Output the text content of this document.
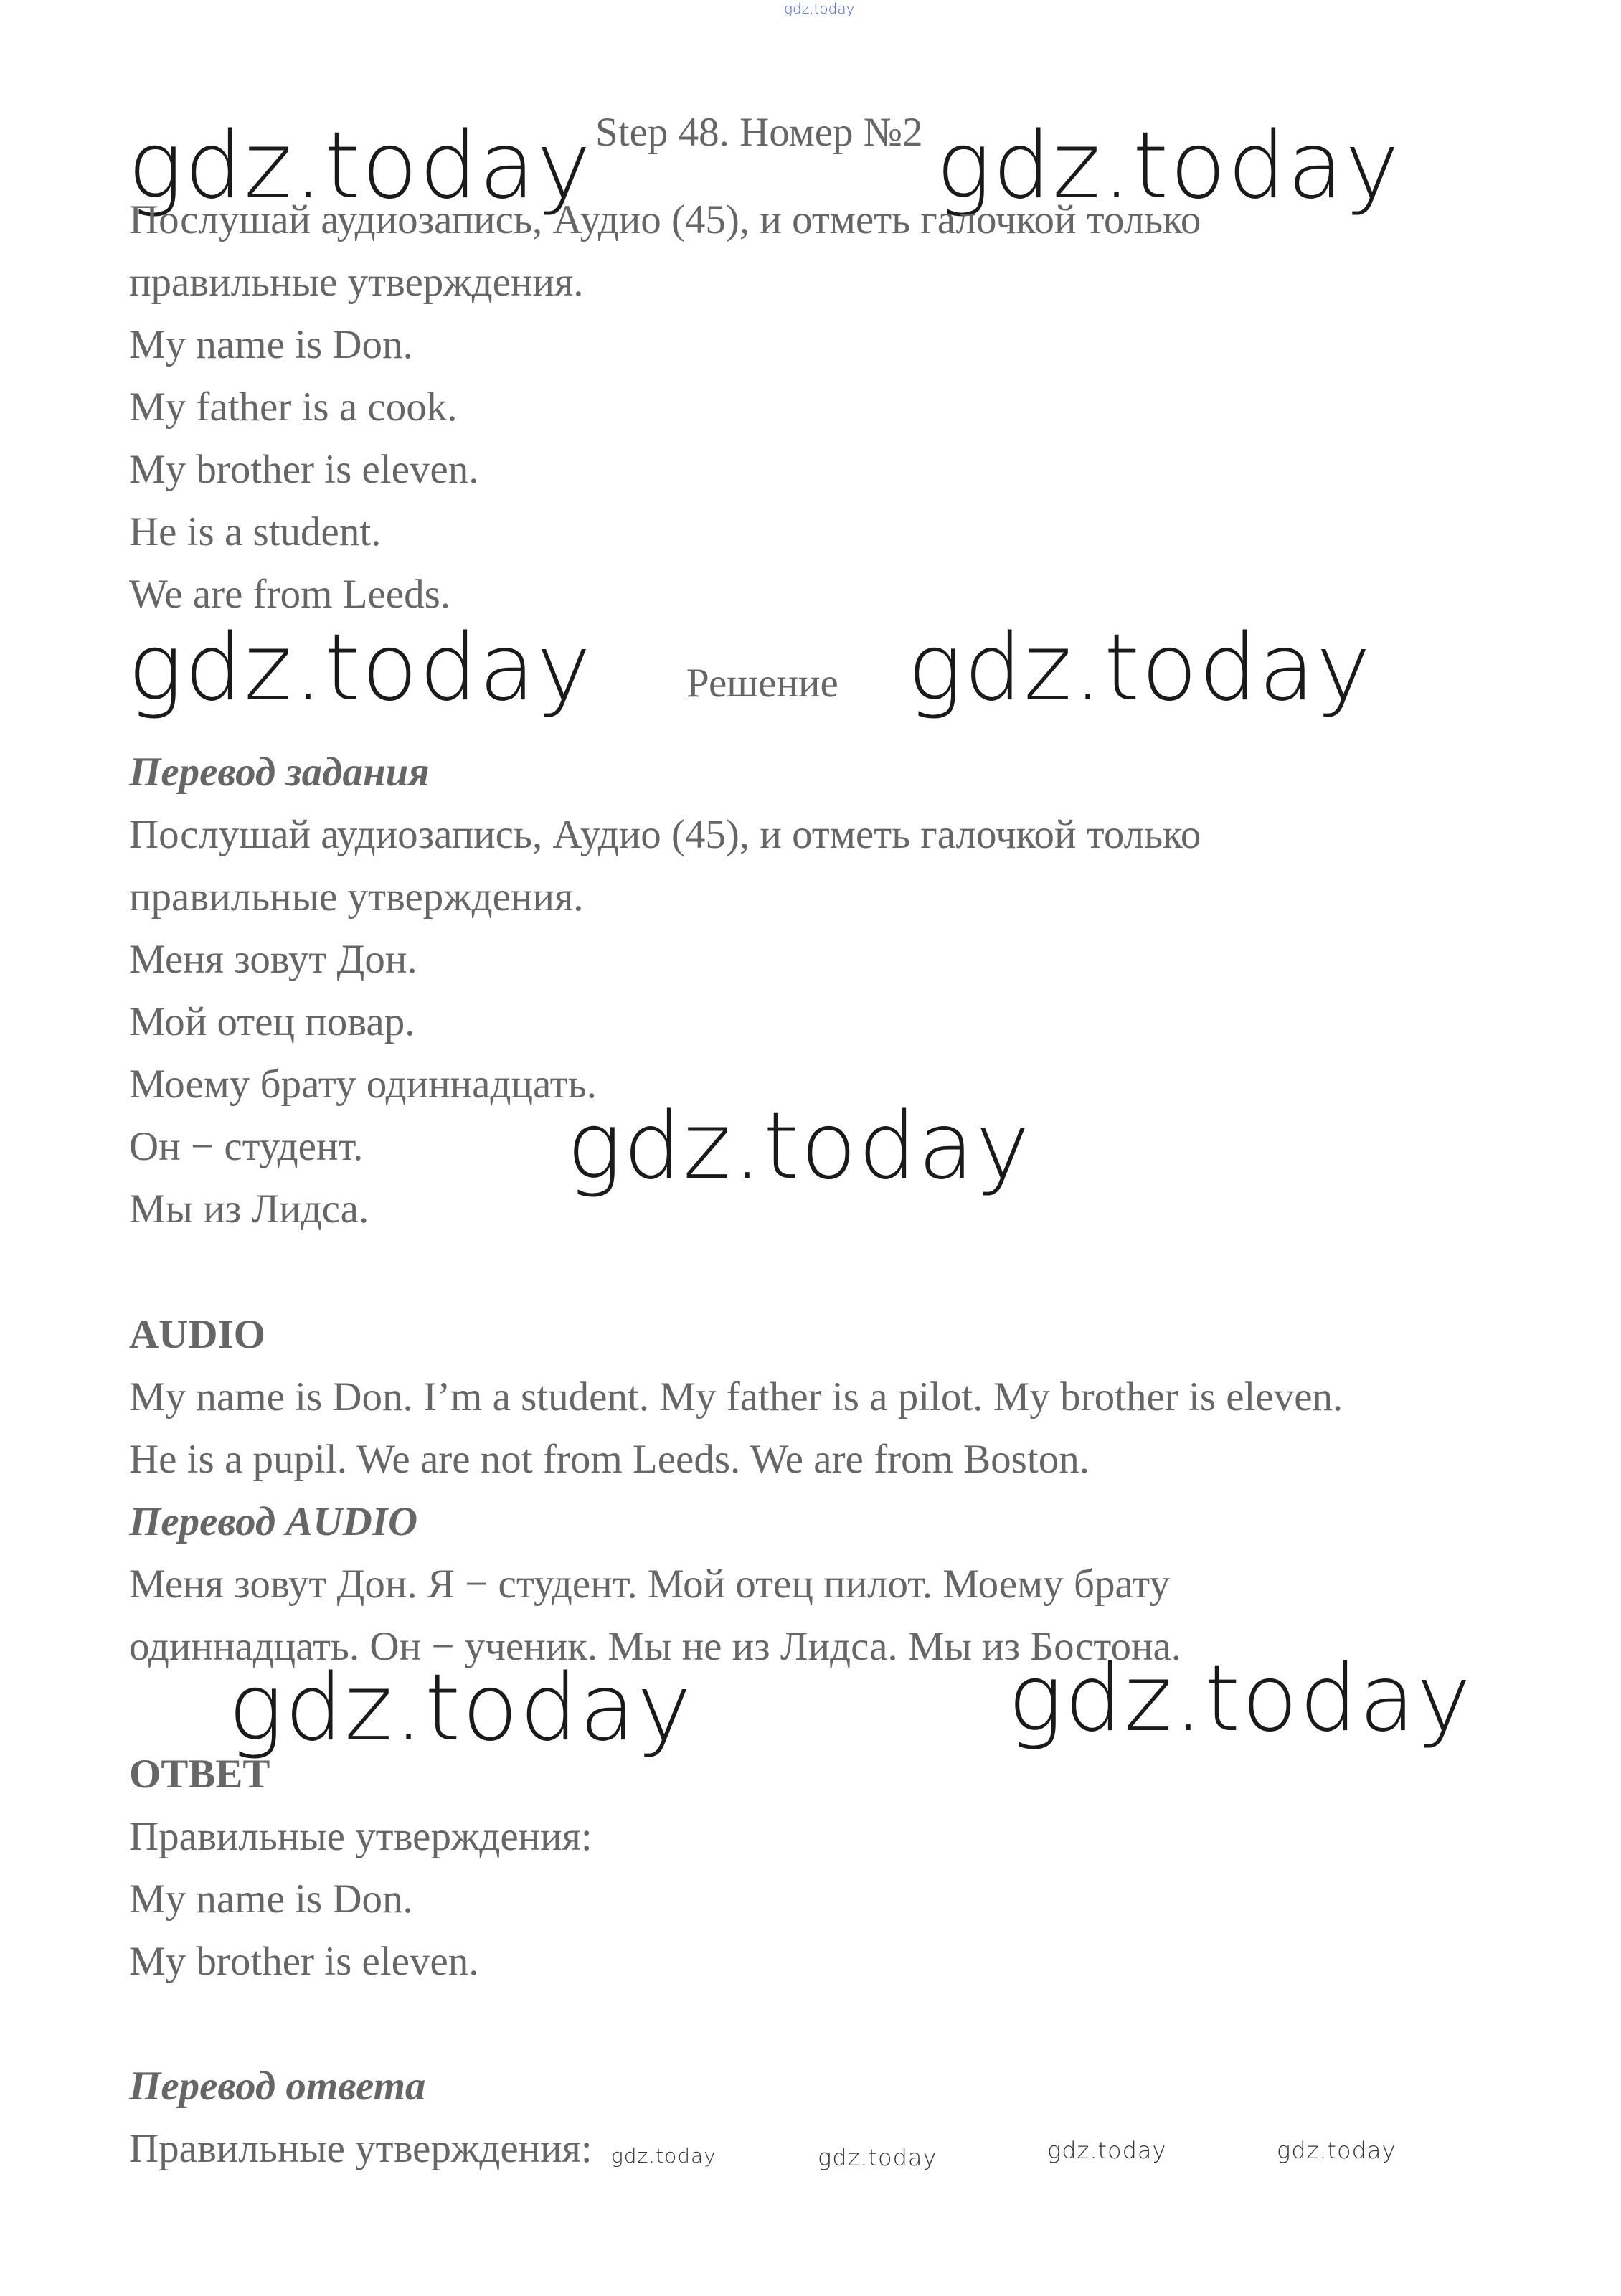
gdz.today
Step 48. Номер №2
gdz.today	gdz.today
Послушай аудиозапись, Аудио (45), и отметь галочкой только
правильные утверждения.
My name is Don.
My father is a cook.
My brother is eleven.
He is a student.
We are from Leeds.
gdz.today Решение gdz.today
Перевод задания
Послушай аудиозапись, Аудио (45), и отметь галочкой только
правильные утверждения.
Меня зовут Дон.
Мой отец повар.
Моему брату одиннадцать.
Он − студент. gdz.today
Мы из Лидса.
AUDIO
My name is Don. I’m a student. My father is a pilot. My brother is eleven.
He is a pupil. We are not from Leeds. We are from Boston.
Перевод AUDIO
Меня зовут Дон. Я − студент. Мой отец пилот. Моему брату
одиннадцать. Он − ученик. Мы не из Лидса. Мы из Бостона.
gdz.today	gdz.today
ОТВЕТ
Правильные утверждения:
My name is Don.
My brother is eleven.
Перевод ответа
Правильные утверждения: gdz.today	gdz.today	gdz.today	gdz.today
